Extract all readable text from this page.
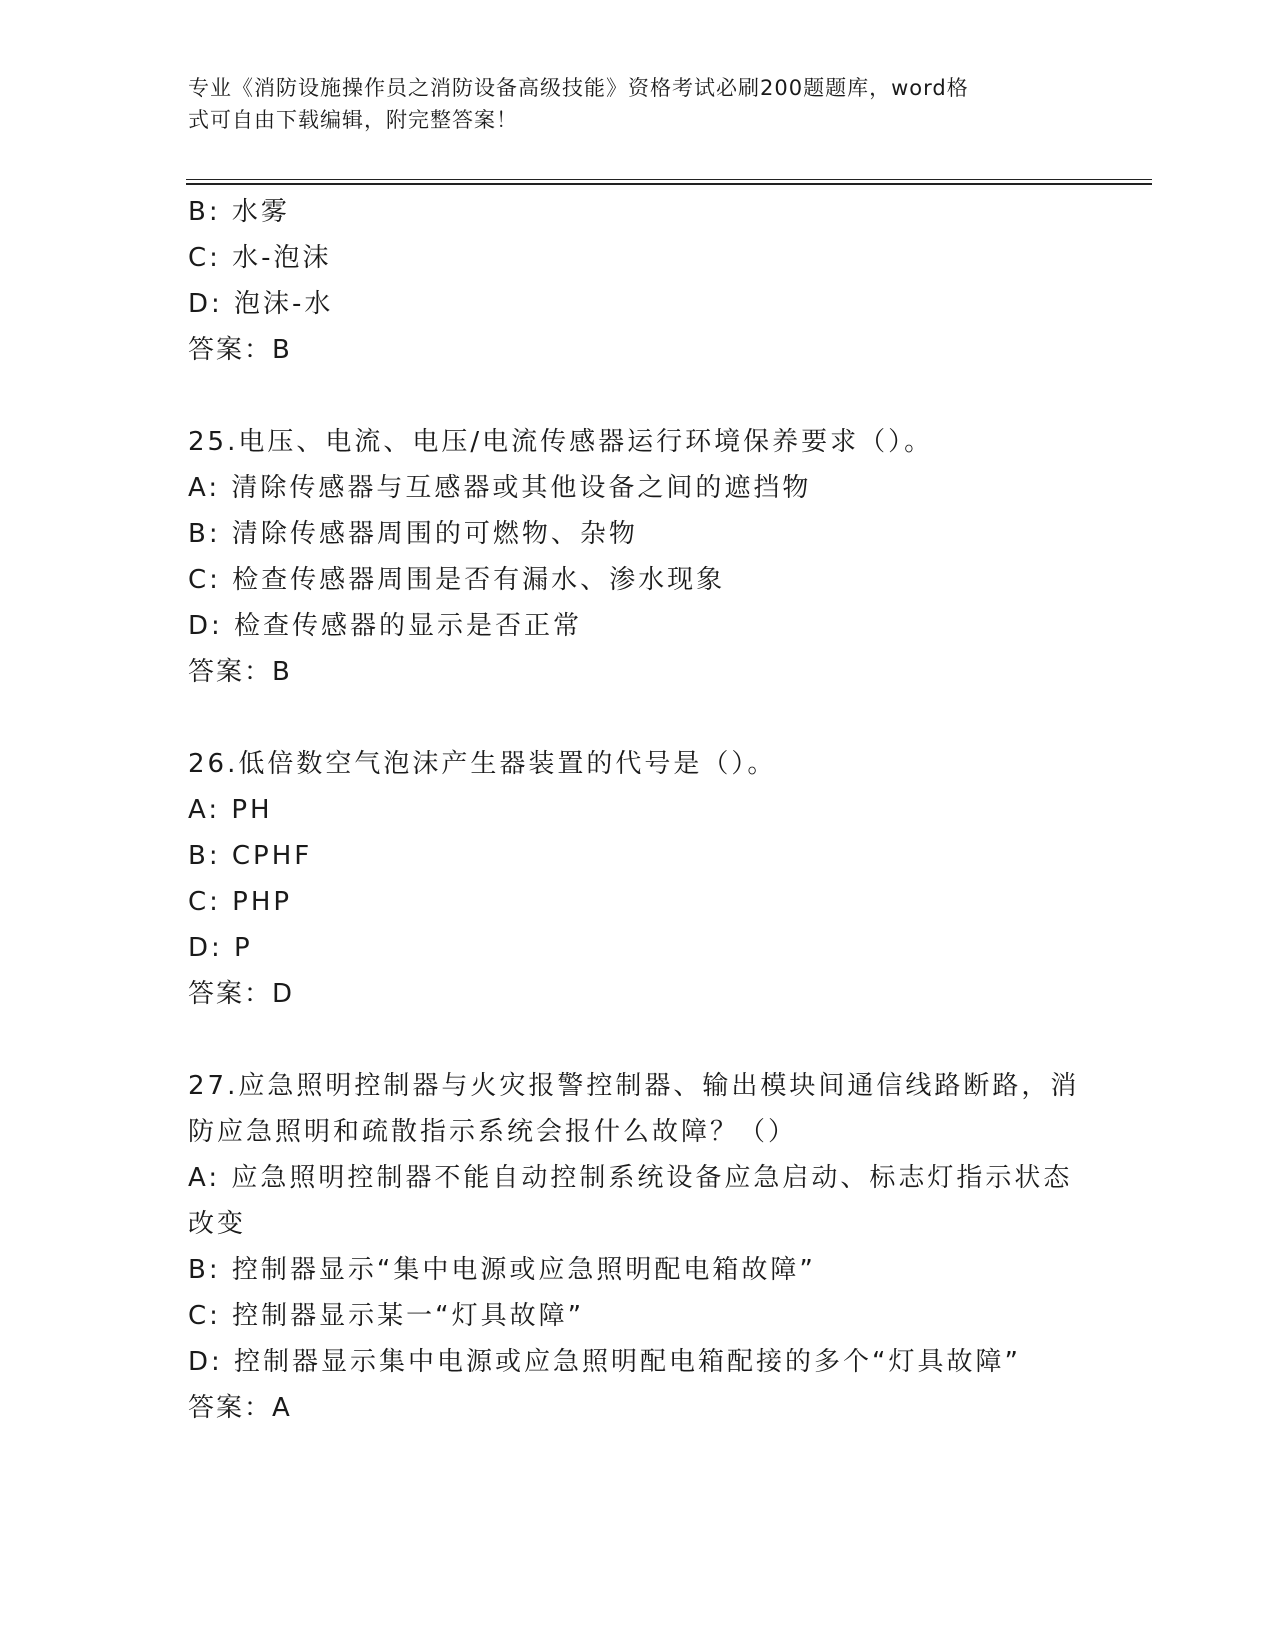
专业《消防设施操作员之消防设备高级技能》资格考试必刷200题题库，word格
式可自由下载编辑，附完整答案！
B: 水雾
C: 水-泡沫
D: 泡沫-水
答案：B
25.电压、电流、电压/电流传感器运行环境保养要求（）。
A: 清除传感器与互感器或其他设备之间的遮挡物
B: 清除传感器周围的可燃物、杂物
C: 检查传感器周围是否有漏水、渗水现象
D: 检查传感器的显示是否正常
答案：B
26.低倍数空气泡沫产生器装置的代号是（）。
A: PH
B: CPHF
C: PHP
D: P
答案：D
27.应急照明控制器与火灾报警控制器、输出模块间通信线路断路，消
防应急照明和疏散指示系统会报什么故障？（）
A: 应急照明控制器不能自动控制系统设备应急启动、标志灯指示状态
改变
B: 控制器显示“集中电源或应急照明配电箱故障”
C: 控制器显示某一“灯具故障”
D: 控制器显示集中电源或应急照明配电箱配接的多个“灯具故障”
答案：A
